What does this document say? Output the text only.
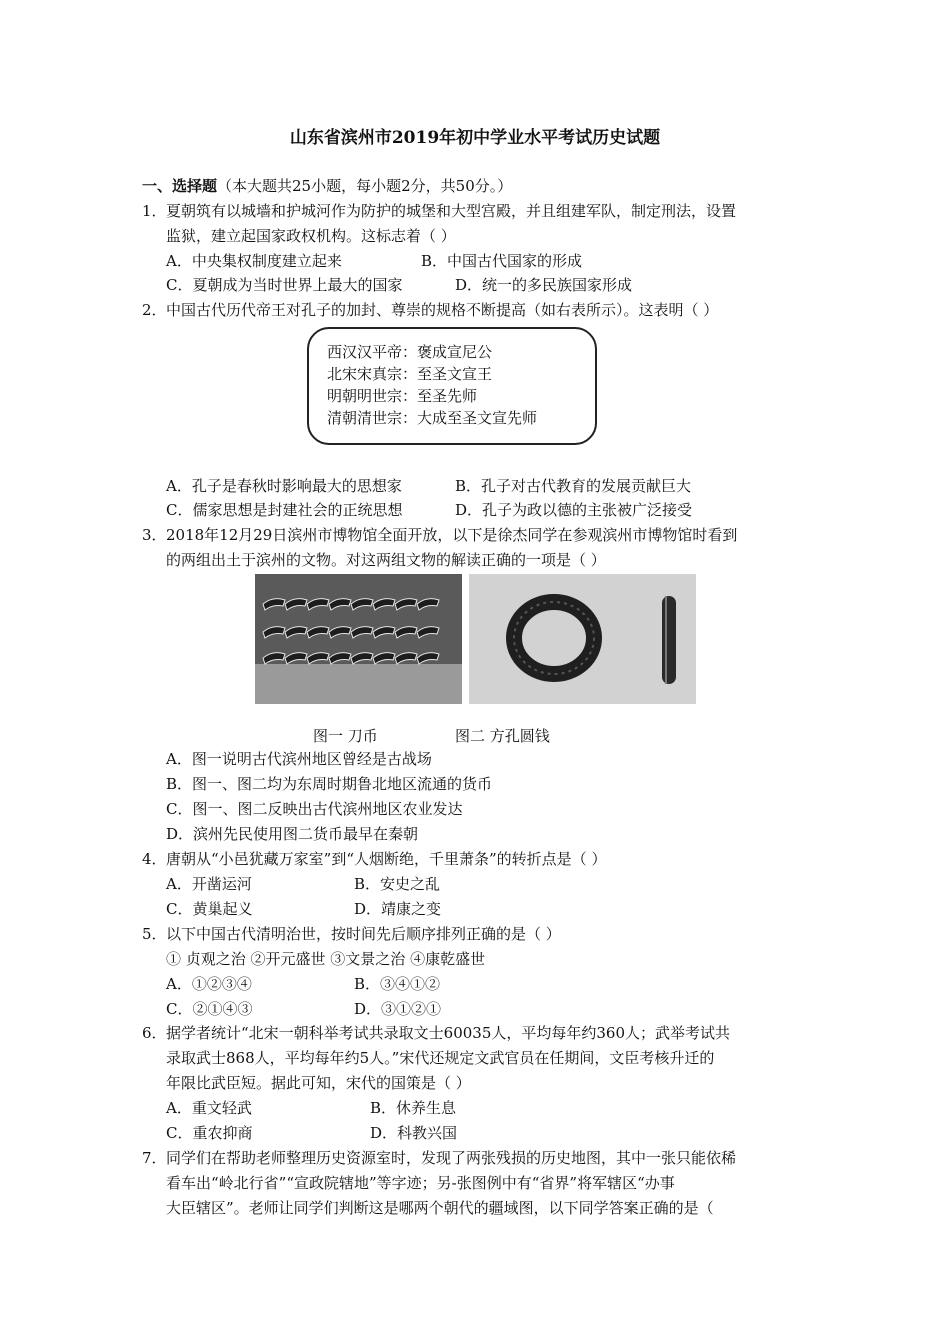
山东省滨州市2019年初中学业水平考试历史试题
一、选择题（本大题共25小题，每小题2分，共50分。）
1． 夏朝筑有以城墙和护城河作为防护的城堡和大型宫殿，并且组建军队，制定刑法，设置
监狱，建立起国家政权机构。这标志着（ ）
A．中央集权制度建立起来	B．中国古代国家的形成
C．夏朝成为当时世界上最大的国家	D．统一的多民族国家形成
2． 中国古代历代帝王对孔子的加封、尊崇的规格不断提高（如右表所示）。这表明（ ）
西汉汉平帝：褒成宣尼公
北宋宋真宗：至圣文宣王
明朝明世宗：至圣先师
清朝清世宗：大成至圣文宣先师
A．孔子是春秋时影响最大的思想家	B．孔子对古代教育的发展贡献巨大
C．儒家思想是封建社会的正统思想	D．孔子为政以德的主张被广泛接受
3． 2018年12月29日滨州市博物馆全面开放，以下是徐杰同学在参观滨州市博物馆时看到
的两组出土于滨州的文物。对这两组文物的解读正确的一项是（ ）
图一 刀币	图二 方孔圆钱
A．图一说明古代滨州地区曾经是古战场
B．图一、图二均为东周时期鲁北地区流通的货币
C．图一、图二反映出古代滨州地区农业发达
D．滨州先民使用图二货币最早在秦朝
4． 唐朝从“小邑犹藏万家室”到“人烟断绝，千里萧条”的转折点是（ ）
A．开凿运河	B．安史之乱
C．黄巢起义	D．靖康之变
5． 以下中国古代清明治世，按时间先后顺序排列正确的是（ ）
① 贞观之治 ②开元盛世 ③文景之治 ④康乾盛世
A．①②③④	B．③④①②
C．②①④③	D．③①②①
6． 据学者统计“北宋一朝科举考试共录取文士60035人，平均每年约360人；武举考试共
录取武士868人，平均每年约5人。”宋代还规定文武官员在任期间，文臣考核升迁的
年限比武臣短。据此可知，宋代的国策是（ ）
A．重文轻武	B．休养生息
C．重农抑商	D．科教兴国
7． 同学们在帮助老师整理历史资源室时，发现了两张残损的历史地图，其中一张只能依稀
看车出“岭北行省”“宣政院辖地”等字迹；另-张图例中有“省界”将军辖区“办事
大臣辖区”。老师让同学们判断这是哪两个朝代的疆域图，以下同学答案正确的是（
